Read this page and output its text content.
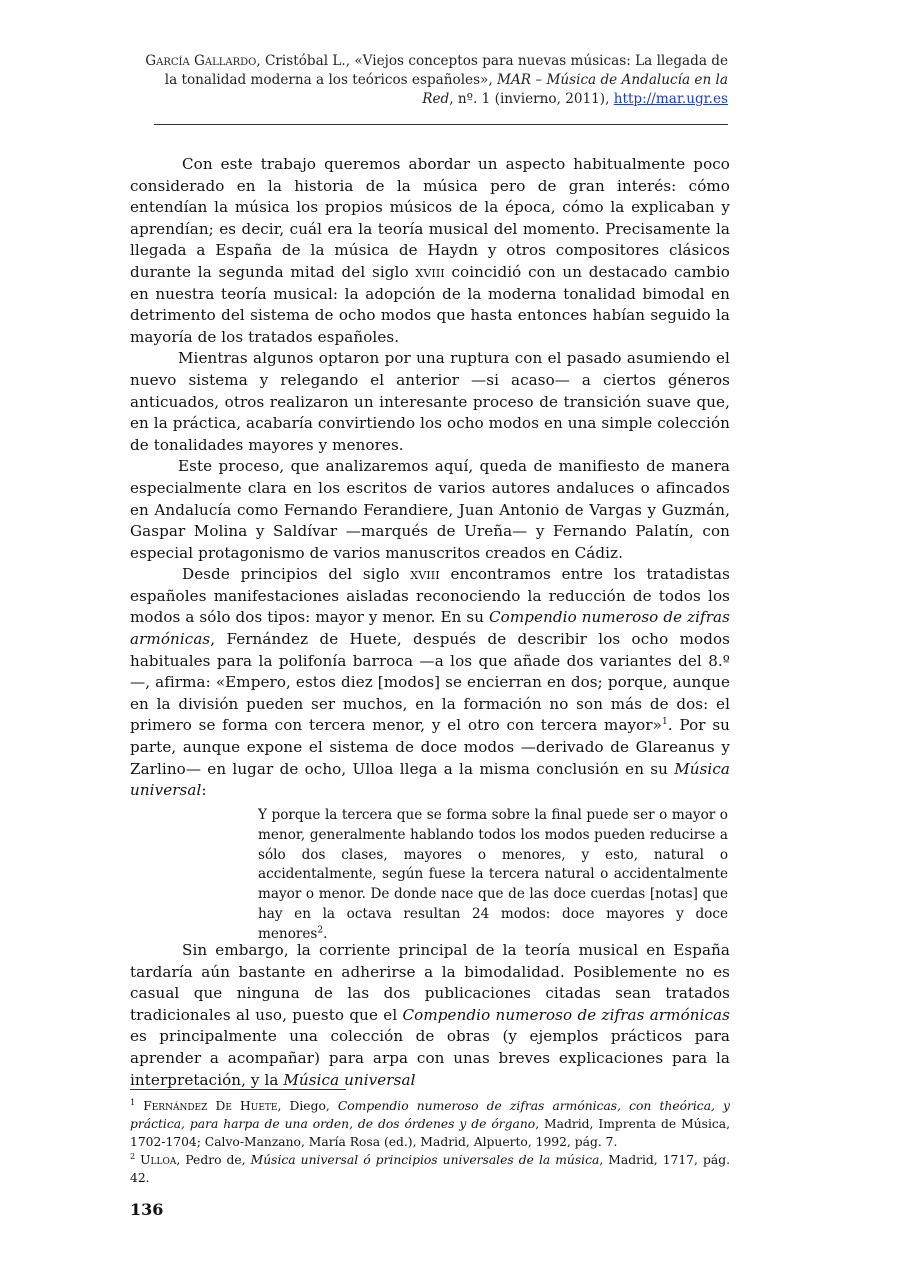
García Gallardo, Cristóbal L., «Viejos conceptos para nuevas músicas: La llegada de la tonalidad moderna a los teóricos españoles», MAR – Música de Andalucía en la Red, nº. 1 (invierno, 2011), http://mar.ugr.es

Con este trabajo queremos abordar un aspecto habitualmente poco considerado en la historia de la música pero de gran interés: cómo entendían la música los propios músicos de la época, cómo la explicaban y aprendían; es decir, cuál era la teoría musical del momento. Precisamente la llegada a España de la música de Haydn y otros compositores clásicos durante la segunda mitad del siglo xviii coincidió con un destacado cambio en nuestra teoría musical: la adopción de la moderna tonalidad bimodal en detrimento del sistema de ocho modos que hasta entonces habían seguido la mayoría de los tratados españoles.

Mientras algunos optaron por una ruptura con el pasado asumiendo el nuevo sistema y relegando el anterior —si acaso— a ciertos géneros anticuados, otros realizaron un interesante proceso de transición suave que, en la práctica, acabaría convirtiendo los ocho modos en una simple colección de tonalidades mayores y menores.

Este proceso, que analizaremos aquí, queda de manifiesto de manera especialmente clara en los escritos de varios autores andaluces o afincados en Andalucía como Fernando Ferandiere, Juan Antonio de Vargas y Guzmán, Gaspar Molina y Saldívar —marqués de Ureña— y Fernando Palatín, con especial protagonismo de varios manuscritos creados en Cádiz.

Desde principios del siglo xviii encontramos entre los tratadistas españoles manifestaciones aisladas reconociendo la reducción de todos los modos a sólo dos tipos: mayor y menor. En su Compendio numeroso de zifras armónicas, Fernández de Huete, después de describir los ocho modos habituales para la polifonía barroca —a los que añade dos variantes del 8.º—, afirma: «Empero, estos diez [modos] se encierran en dos; porque, aunque en la división pueden ser muchos, en la formación no son más de dos: el primero se forma con tercera menor, y el otro con tercera mayor»$^1$. Por su parte, aunque expone el sistema de doce modos —derivado de Glareanus y Zarlino— en lugar de ocho, Ulloa llega a la misma conclusión en su Música universal:

Y porque la tercera que se forma sobre la final puede ser o mayor o menor, generalmente hablando todos los modos pueden reducirse a sólo dos clases, mayores o menores, y esto, natural o accidentalmente, según fuese la tercera natural o accidentalmente mayor o menor. De donde nace que de las doce cuerdas [notas] que hay en la octava resultan 24 modos: doce mayores y doce menores$^2$.

Sin embargo, la corriente principal de la teoría musical en España tardaría aún bastante en adherirse a la bimodalidad. Posiblemente no es casual que ninguna de las dos publicaciones citadas sean tratados tradicionales al uso, puesto que el Compendio numeroso de zifras armónicas es principalmente una colección de obras (y ejemplos prácticos para aprender a acompañar) para arpa con unas breves explicaciones para la interpretación, y la Música universal

$^1$ Fernández De Huete, Diego, Compendio numeroso de zifras armónicas, con theórica, y práctica, para harpa de una orden, de dos órdenes y de órgano, Madrid, Imprenta de Música, 1702-1704; Calvo-Manzano, María Rosa (ed.), Madrid, Alpuerto, 1992, pág. 7.

$^2$ Ulloa, Pedro de, Música universal ó principios universales de la música, Madrid, 1717, pág. 42.

136
